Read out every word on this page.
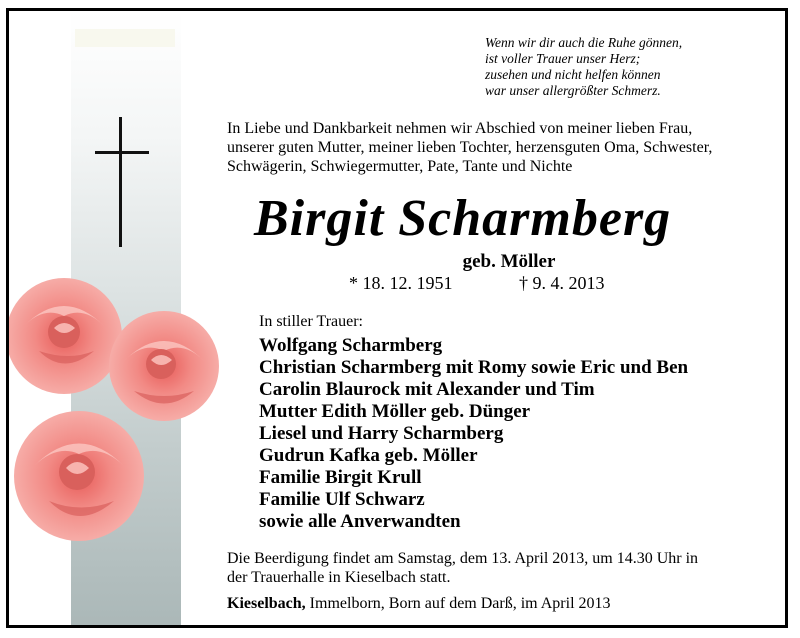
Wenn wir dir auch die Ruhe gönnen,
ist voller Trauer unser Herz;
zusehen und nicht helfen können
war unser allergrößter Schmerz.
In Liebe und Dankbarkeit nehmen wir Abschied von meiner lieben Frau,
unserer guten Mutter, meiner lieben Tochter, herzensguten Oma, Schwester,
Schwägerin, Schwiegermutter, Pate, Tante und Nichte
Birgit Scharmberg
geb. Möller
* 18. 12. 1951	† 9. 4. 2013
In stiller Trauer:
Wolfgang Scharmberg
Christian Scharmberg mit Romy sowie Eric und Ben
Carolin Blaurock mit Alexander und Tim
Mutter Edith Möller geb. Dünger
Liesel und Harry Scharmberg
Gudrun Kafka geb. Möller
Familie Birgit Krull
Familie Ulf Schwarz
sowie alle Anverwandten
Die Beerdigung findet am Samstag, dem 13. April 2013, um 14.30 Uhr in
der Trauerhalle in Kieselbach statt.
Kieselbach, Immelborn, Born auf dem Darß, im April 2013
